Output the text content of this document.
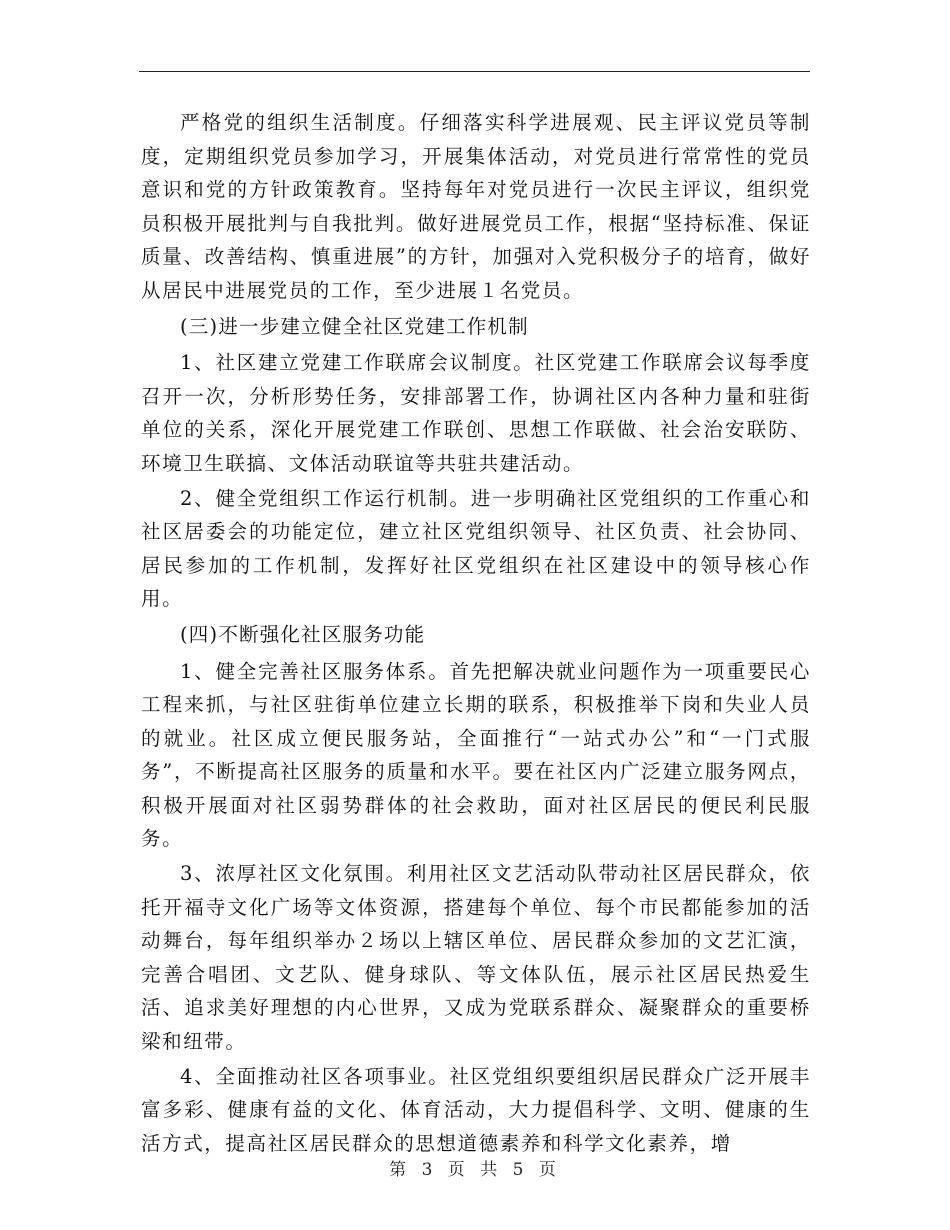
严格党的组织生活制度。仔细落实科学进展观、民主评议党员等制度，定期组织党员参加学习，开展集体活动，对党员进行常常性的党员意识和党的方针政策教育。坚持每年对党员进行一次民主评议，组织党员积极开展批判与自我批判。做好进展党员工作，根据“坚持标准、保证质量、改善结构、慎重进展”的方针，加强对入党积极分子的培育，做好从居民中进展党员的工作，至少进展１名党员。

(三)进一步建立健全社区党建工作机制

1、社区建立党建工作联席会议制度。社区党建工作联席会议每季度召开一次，分析形势任务，安排部署工作，协调社区内各种力量和驻街单位的关系，深化开展党建工作联创、思想工作联做、社会治安联防、环境卫生联搞、文体活动联谊等共驻共建活动。

2、健全党组织工作运行机制。进一步明确社区党组织的工作重心和社区居委会的功能定位，建立社区党组织领导、社区负责、社会协同、居民参加的工作机制，发挥好社区党组织在社区建设中的领导核心作用。

(四)不断强化社区服务功能

1、健全完善社区服务体系。首先把解决就业问题作为一项重要民心工程来抓，与社区驻街单位建立长期的联系，积极推举下岗和失业人员的就业。社区成立便民服务站，全面推行“一站式办公”和“一门式服务”，不断提高社区服务的质量和水平。要在社区内广泛建立服务网点，积极开展面对社区弱势群体的社会救助，面对社区居民的便民利民服务。

3、浓厚社区文化氛围。利用社区文艺活动队带动社区居民群众，依托开福寺文化广场等文体资源，搭建每个单位、每个市民都能参加的活动舞台，每年组织举办２场以上辖区单位、居民群众参加的文艺汇演，完善合唱团、文艺队、健身球队、等文体队伍，展示社区居民热爱生活、追求美好理想的内心世界，又成为党联系群众、凝聚群众的重要桥梁和纽带。

4、全面推动社区各项事业。社区党组织要组织居民群众广泛开展丰富多彩、健康有益的文化、体育活动，大力提倡科学、文明、健康的生活方式，提高社区居民群众的思想道德素养和科学文化素养，增

第 3 页 共 5 页
